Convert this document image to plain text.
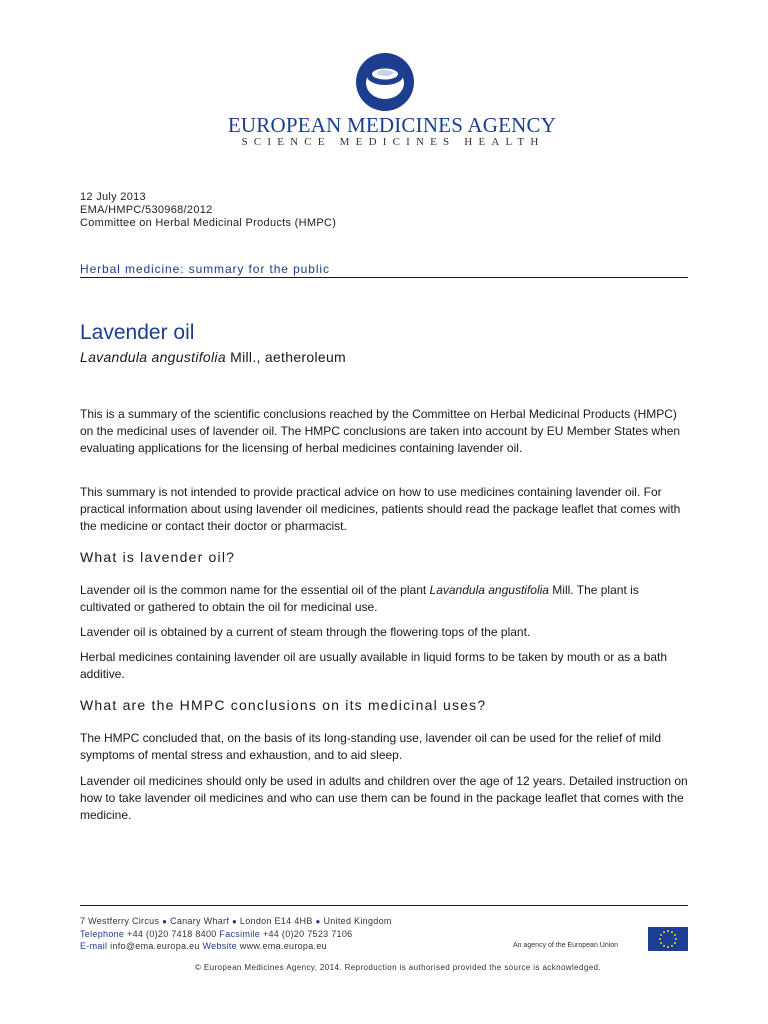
EUROPEAN MEDICINES AGENCY
SCIENCE MEDICINES HEALTH
12 July 2013
EMA/HMPC/530968/2012
Committee on Herbal Medicinal Products (HMPC)
Herbal medicine: summary for the public
Lavender oil
Lavandula angustifolia Mill., aetheroleum
This is a summary of the scientific conclusions reached by the Committee on Herbal Medicinal Products (HMPC) on the medicinal uses of lavender oil. The HMPC conclusions are taken into account by EU Member States when evaluating applications for the licensing of herbal medicines containing lavender oil.
This summary is not intended to provide practical advice on how to use medicines containing lavender oil. For practical information about using lavender oil medicines, patients should read the package leaflet that comes with the medicine or contact their doctor or pharmacist.
What is lavender oil?
Lavender oil is the common name for the essential oil of the plant Lavandula angustifolia Mill. The plant is cultivated or gathered to obtain the oil for medicinal use.
Lavender oil is obtained by a current of steam through the flowering tops of the plant.
Herbal medicines containing lavender oil are usually available in liquid forms to be taken by mouth or as a bath additive.
What are the HMPC conclusions on its medicinal uses?
The HMPC concluded that, on the basis of its long-standing use, lavender oil can be used for the relief of mild symptoms of mental stress and exhaustion, and to aid sleep.
Lavender oil medicines should only be used in adults and children over the age of 12 years. Detailed instruction on how to take lavender oil medicines and who can use them can be found in the package leaflet that comes with the medicine.
7 Westferry Circus ● Canary Wharf ● London E14 4HB ● United Kingdom
Telephone +44 (0)20 7418 8400 Facsimile +44 (0)20 7523 7106
E-mail info@ema.europa.eu Website www.ema.europa.eu	An agency of the European Union
© European Medicines Agency, 2014. Reproduction is authorised provided the source is acknowledged.
